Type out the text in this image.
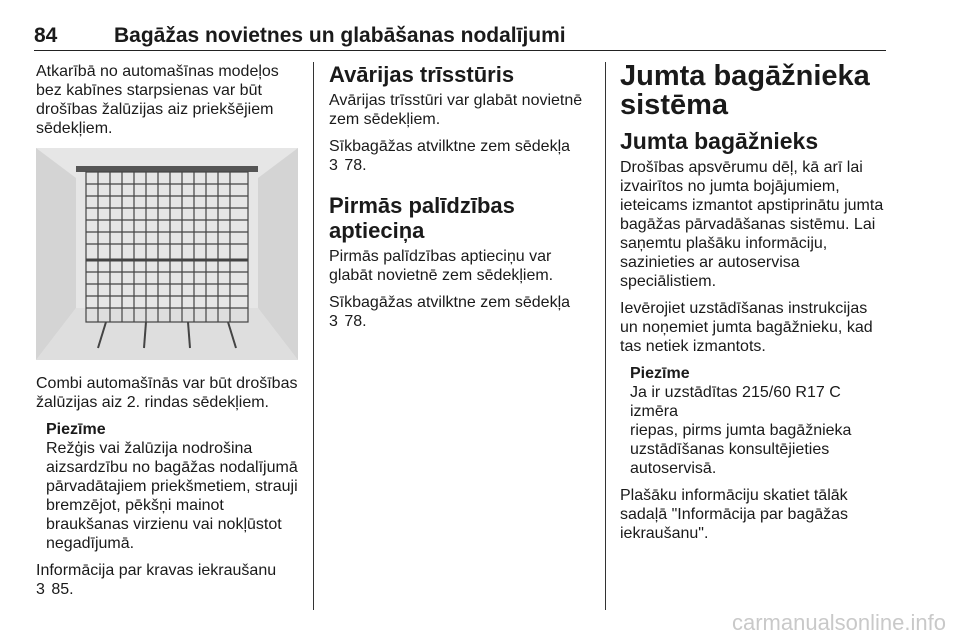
84	Bagāžas novietnes un glabāšanas nodalījumi

Atkarībā no automašīnas modeļos
bez kabīnes starpsienas var būt
drošības žalūzijas aiz priekšējiem
sēdekļiem.

Combi automašīnās var būt drošības
žalūzijas aiz 2. rindas sēdekļiem.

Piezīme
Režģis vai žalūzija nodrošina
aizsardzību no bagāžas nodalījumā
pārvadātajiem priekšmetiem, strauji
bremzējot, pēkšņi mainot
braukšanas virzienu vai nokļūstot
negadījumā.

Informācija par kravas iekraušanu
3 85.

Avārijas trīsstūris

Avārijas trīsstūri var glabāt novietnē
zem sēdekļiem.

Sīkbagāžas atvilktne zem sēdekļa
3 78.

Pirmās palīdzības aptieciņa

Pirmās palīdzības aptieciņu var
glabāt novietnē zem sēdekļiem.

Sīkbagāžas atvilktne zem sēdekļa
3 78.

Jumta bagāžnieka
sistēma
Jumta bagāžnieks

Drošības apsvērumu dēļ, kā arī lai
izvairītos no jumta bojājumiem,
ieteicams izmantot apstiprinātu jumta
bagāžas pārvadāšanas sistēmu. Lai
saņemtu plašāku informāciju,
sazinieties ar autoservisa
speciālistiem.

Ievērojiet uzstādīšanas instrukcijas
un noņemiet jumta bagāžnieku, kad
tas netiek izmantots.

Piezīme
Ja ir uzstādītas 215/60 R17 C izmēra
riepas, pirms jumta bagāžnieka
uzstādīšanas konsultējieties
autoservisā.

Plašāku informāciju skatiet tālāk
sadaļā "Informācija par bagāžas
iekraušanu".

carmanualsonline.info
